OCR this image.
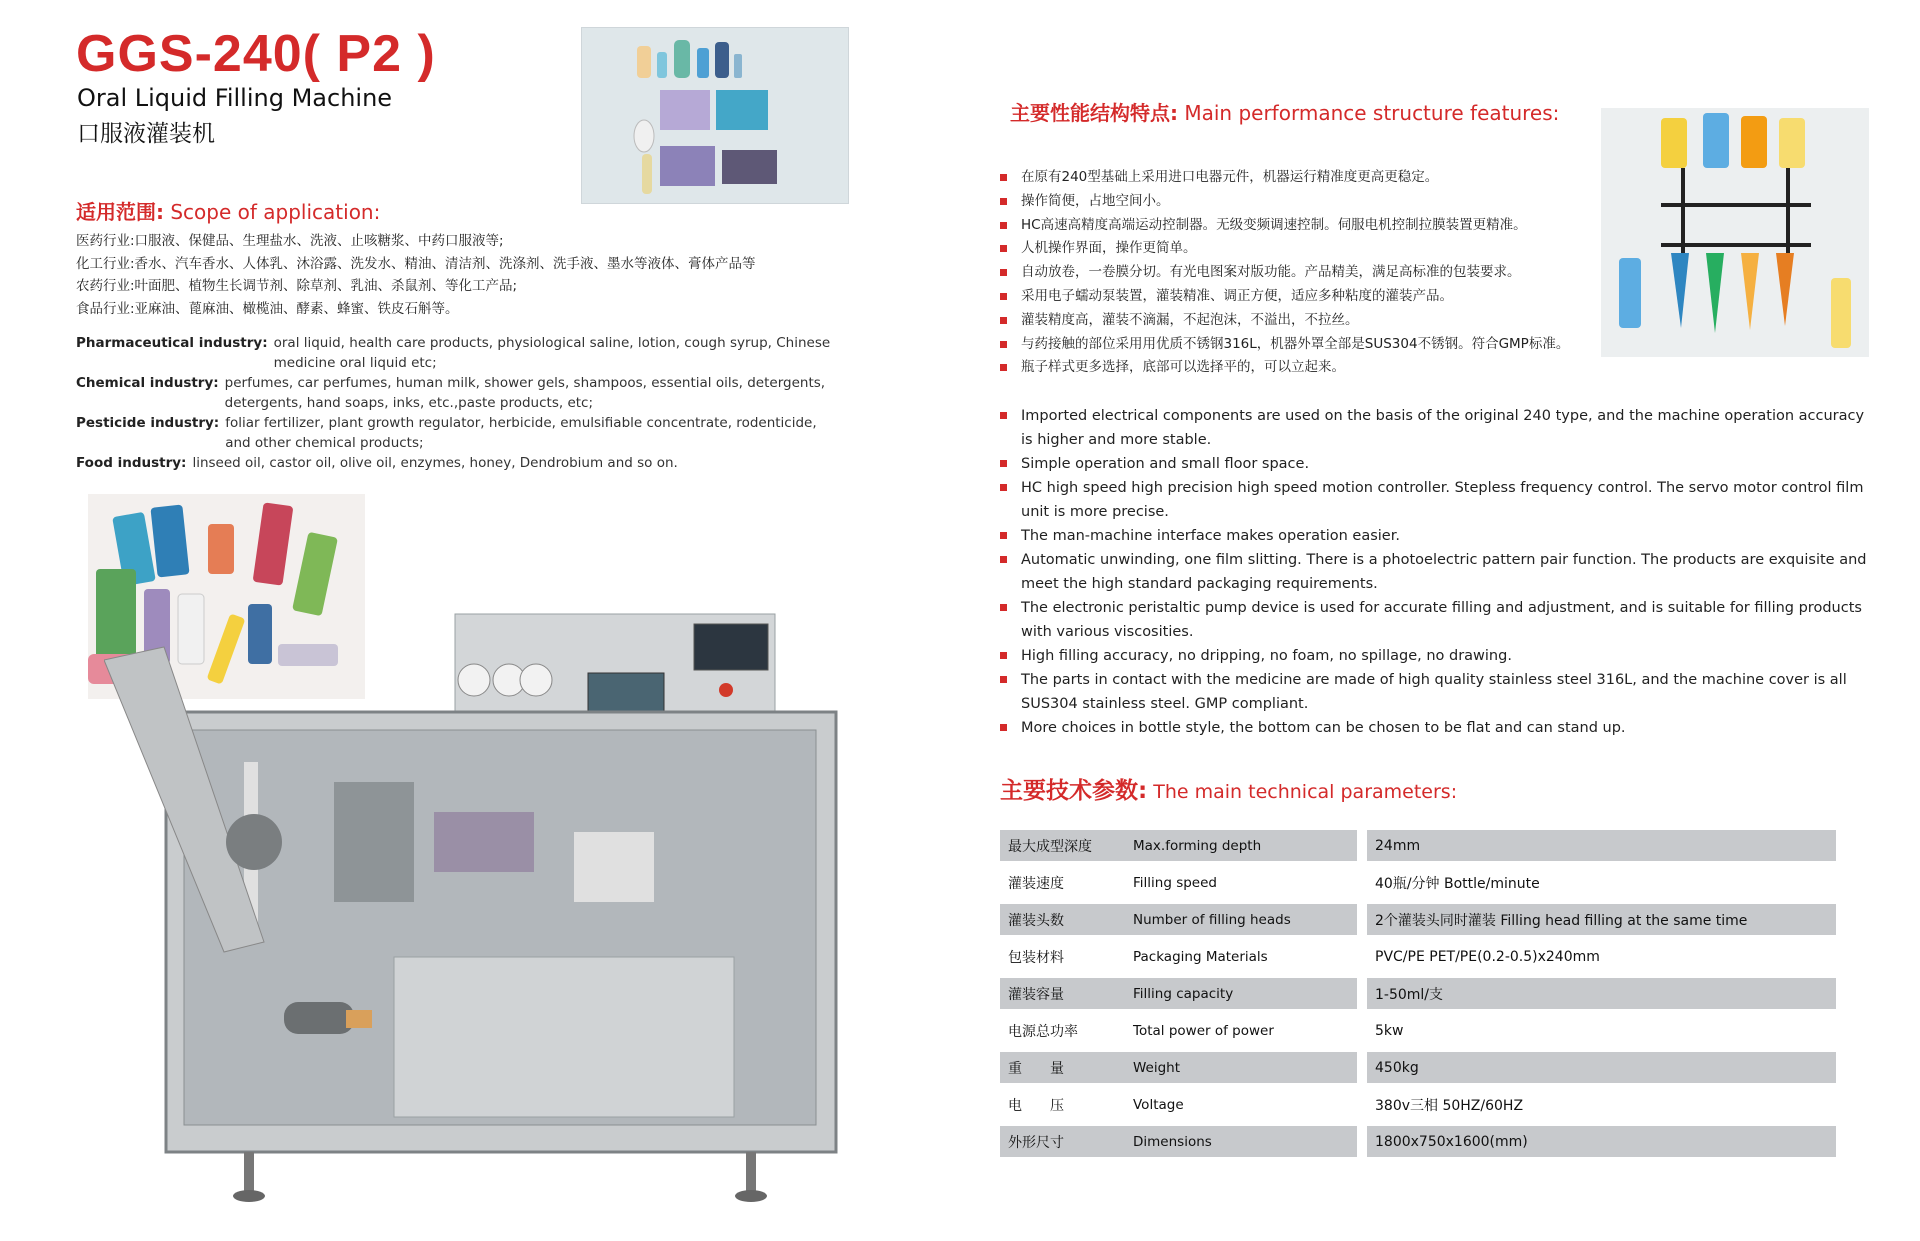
GGS-240( P2 )
Oral Liquid Filling Machine
口服液灌装机
适用范围: Scope of application:
医药行业:口服液、保健品、生理盐水、洗液、止咳糖浆、中药口服液等;
化工行业:香水、汽车香水、人体乳、沐浴露、洗发水、精油、清洁剂、洗涤剂、洗手液、墨水等液体、膏体产品等
农药行业:叶面肥、植物生长调节剂、除草剂、乳油、杀鼠剂、等化工产品;
食品行业:亚麻油、蓖麻油、橄榄油、酵素、蜂蜜、铁皮石斛等。
Pharmaceutical industry: oral liquid, health care products, physiological saline, lotion, cough syrup, Chinese medicine oral liquid etc;
Chemical industry: perfumes, car perfumes, human milk, shower gels, shampoos, essential oils, detergents, detergents, hand soaps, inks, etc.,paste products, etc;
Pesticide industry: foliar fertilizer, plant growth regulator, herbicide, emulsifiable concentrate, rodenticide, and other chemical products;
Food industry: linseed oil, castor oil, olive oil, enzymes, honey, Dendrobium and so on.
主要性能结构特点: Main performance structure features:
在原有240型基础上采用进口电器元件，机器运行精准度更高更稳定。
操作简便，占地空间小。
HC高速高精度高端运动控制器。无级变频调速控制。伺服电机控制拉膜装置更精准。
人机操作界面，操作更简单。
自动放卷，一卷膜分切。有光电图案对版功能。产品精美，满足高标准的包装要求。
采用电子蠕动泵装置，灌装精准、调正方便，适应多种粘度的灌装产品。
灌装精度高，灌装不滴漏，不起泡沫，不溢出，不拉丝。
与药接触的部位采用用优质不锈钢316L，机器外罩全部是SUS304不锈钢。符合GMP标准。
瓶子样式更多选择，底部可以选择平的，可以立起来。
Imported electrical components are used on the basis of the original 240 type, and the machine operation accuracy is higher and more stable.
Simple operation and small floor space.
HC high speed high precision high speed motion controller. Stepless frequency control. The servo motor control film unit is more precise.
The man-machine interface makes operation easier.
Automatic unwinding, one film slitting. There is a photoelectric pattern pair function. The products are exquisite and meet the high standard packaging requirements.
The electronic peristaltic pump device is used for accurate filling and adjustment, and is suitable for filling products with various viscosities.
High filling accuracy, no dripping, no foam, no spillage, no drawing.
The parts in contact with the medicine are made of high quality stainless steel 316L, and the machine cover is all SUS304 stainless steel. GMP compliant.
More choices in bottle style, the bottom can be chosen to be flat and can stand up.
主要技术参数: The main technical parameters:
最大成型深度	Max.forming depth		24mm
灌装速度	Filling speed		40瓶/分钟 Bottle/minute
灌装头数	Number of filling heads		2个灌装头同时灌装 Filling head filling at the same time
包装材料	Packaging Materials		PVC/PE PET/PE(0.2-0.5)x240mm
灌装容量	Filling capacity		1-50ml/支
电源总功率	Total power of power		5kw
重　　量	Weight		450kg
电　　压	Voltage		380v三相 50HZ/60HZ
外形尺寸	Dimensions		1800x750x1600(mm)
